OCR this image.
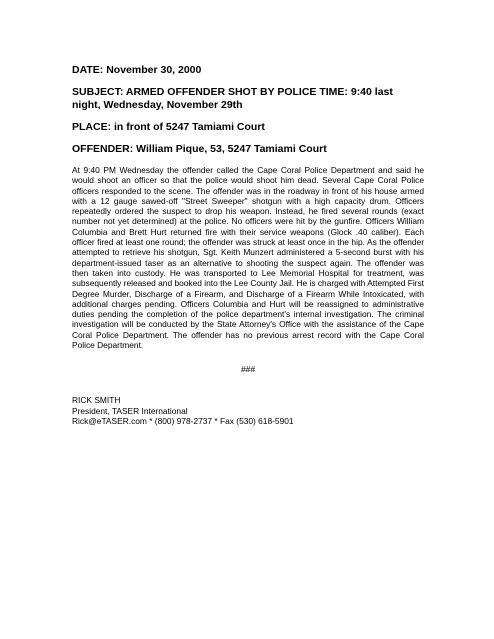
DATE: November 30, 2000

SUBJECT: ARMED OFFENDER SHOT BY POLICE TIME: 9:40 last night, Wednesday, November 29th

PLACE: in front of 5247 Tamiami Court

OFFENDER: William Pique, 53, 5247 Tamiami Court

At 9:40 PM Wednesday the offender called the Cape Coral Police Department and said he would shoot an officer so that the police would shoot him dead. Several Cape Coral Police officers responded to the scene. The offender was in the roadway in front of his house armed with a 12 gauge sawed-off "Street Sweeper" shotgun with a high capacity drum. Officers repeatedly ordered the suspect to drop his weapon. Instead, he fired several rounds (exact number not yet determined) at the police. No officers were hit by the gunfire. Officers William Columbia and Brett Hurt returned fire with their service weapons (Glock .40 caliber). Each officer fired at least one round; the offender was struck at least once in the hip. As the offender attempted to retrieve his shotgun, Sgt. Keith Munzert administered a 5-second burst with his department-issued taser as an alternative to shooting the suspect again. The offender was then taken into custody. He was transported to Lee Memorial Hospital for treatment, was subsequently released and booked into the Lee County Jail. He is charged with Attempted First Degree Murder, Discharge of a Firearm, and Discharge of a Firearm While Intoxicated, with additional charges pending. Officers Columbia and Hurt will be reassigned to administrative duties pending the completion of the police department's internal investigation. The criminal investigation will be conducted by the State Attorney's Office with the assistance of the Cape Coral Police Department. The offender has no previous arrest record with the Cape Coral Police Department.

###

RICK SMITH

President, TASER International

Rick@eTASER.com * (800) 978-2737 * Fax (530) 618-5901
